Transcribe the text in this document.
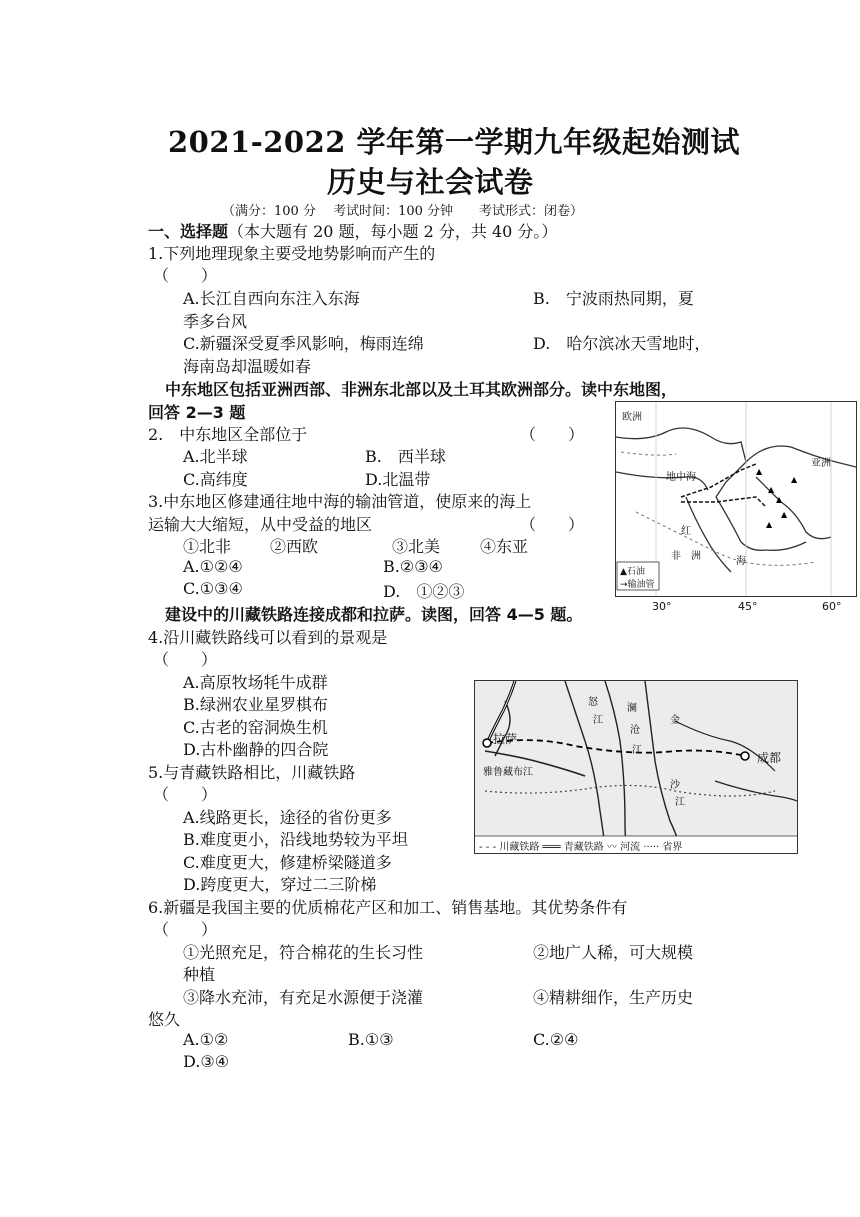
2021-2022 学年第一学期九年级起始测试
历史与社会试卷
（满分：100 分　 考试时间：100 分钟　　考试形式：闭卷）
一、选择题（本大题有 20 题，每小题 2 分，共 40 分。）
1.下列地理现象主要受地势影响而产生的
（　　）
A.长江自西向东注入东海	B.　宁波雨热同期，夏
季多台风
C.新疆深受夏季风影响，梅雨连绵	D.　哈尔滨冰天雪地时，
海南岛却温暖如春
中东地区包括亚洲西部、非洲东北部以及土耳其欧洲部分。读中东地图，
回答 2—3 题
2.　中东地区全部位于	（　　）
A.北半球	B.　西半球
C.高纬度	D.北温带
3.中东地区修建通往地中海的输油管道，使原来的海上
运输大大缩短，从中受益的地区	（　　）
①北非 ②西欧	③北美 ④东亚
A.①②④	B.②③④
C.①③④	D.　①②③
▲
▲
▲
▲
▲
▲
欧洲
亚洲
地中海
红
非　洲	海
▲石油
→输油管
30°	45°	60°
建设中的川藏铁路连接成都和拉萨。读图，回答 4—5 题。
4.沿川藏铁路线可以看到的景观是
（　　）
A.高原牧场牦牛成群
B.绿洲农业星罗棋布
C.古老的窑洞焕生机
D.古朴幽静的四合院
5.与青藏铁路相比，川藏铁路
（　　）
A.线路更长，途径的省份更多
B.难度更小，沿线地势较为平坦
C.难度更大，修建桥梁隧道多
D.跨度更大，穿过二三阶梯
拉萨
成都
雅鲁藏布江
怒
江
澜
沧
江
金
沙
江
- - - 川藏铁路 ═══ 青藏铁路 〰 河流 ····· 省界
6.新疆是我国主要的优质棉花产区和加工、销售基地。其优势条件有
（　　）
①光照充足，符合棉花的生长习性	②地广人稀，可大规模
种植
③降水充沛，有充足水源便于浇灌	④精耕细作，生产历史
悠久
A.①②	B.①③	C.②④
D.③④
